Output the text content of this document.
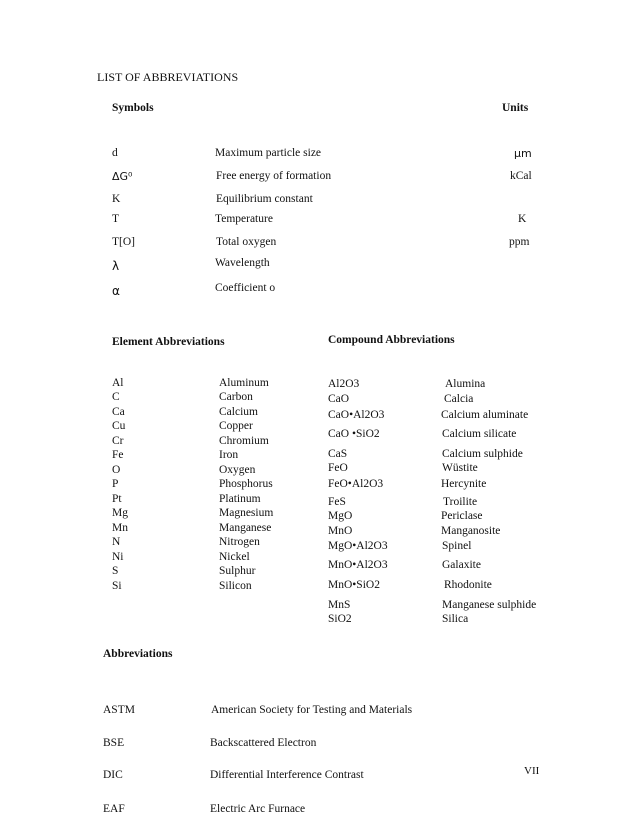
LIST OF ABBREVIATIONS
Symbols	Units
d	Maximum particle size	μm
ΔG⁰	Free energy of formation	kCal
K	Equilibrium constant
T	Temperature	K
T[O]	Total oxygen	ppm
λ	Wavelength
α	Coefficient o
Element Abbreviations	Compound Abbreviations
Al	Aluminum
C	Carbon
Ca	Calcium
Cu	Copper
Cr	Chromium
Fe	Iron
O	Oxygen
P	Phosphorus
Pt	Platinum
Mg	Magnesium
Mn	Manganese
N	Nitrogen
Ni	Nickel
S	Sulphur
Si	Silicon
Al2O3	Alumina
CaO	Calcia
CaO•Al2O3	Calcium aluminate
CaO •SiO2	Calcium silicate
CaS	Calcium sulphide
FeO	Wüstite
FeO•Al2O3	Hercynite
FeS	Troilite
MgO	Periclase
MnO	Manganosite
MgO•Al2O3	Spinel
MnO•Al2O3	Galaxite
MnO•SiO2	Rhodonite
MnS	Manganese sulphide
SiO2	Silica
Abbreviations
ASTM	American Society for Testing and Materials
BSE	Backscattered Electron
DIC	Differential Interference Contrast
EAF	Electric Arc Furnace
VII
